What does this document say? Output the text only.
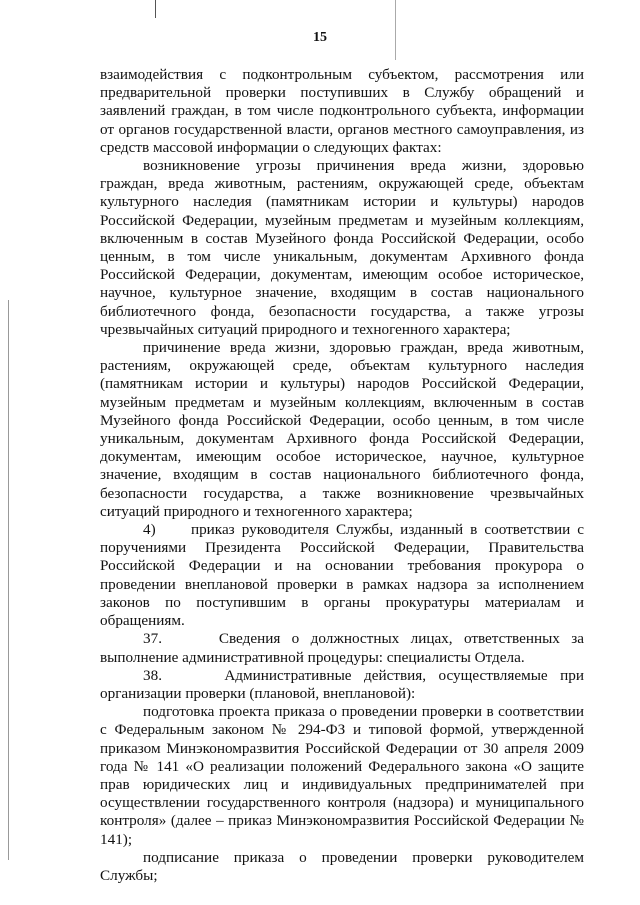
15

взаимодействия с подконтрольным субъектом, рассмотрения или предварительной проверки поступивших в Службу обращений и заявлений граждан, в том числе подконтрольного субъекта, информации от органов государственной власти, органов местного самоуправления, из средств массовой информации о следующих фактах:

возникновение угрозы причинения вреда жизни, здоровью граждан, вреда животным, растениям, окружающей среде, объектам культурного наследия (памятникам истории и культуры) народов Российской Федерации, музейным предметам и музейным коллекциям, включенным в состав Музейного фонда Российской Федерации, особо ценным, в том числе уникальным, документам Архивного фонда Российской Федерации, документам, имеющим особое историческое, научное, культурное значение, входящим в состав национального библиотечного фонда, безопасности государства, а также угрозы чрезвычайных ситуаций природного и техногенного характера;

причинение вреда жизни, здоровью граждан, вреда животным, растениям, окружающей среде, объектам культурного наследия (памятникам истории и культуры) народов Российской Федерации, музейным предметам и музейным коллекциям, включенным в состав Музейного фонда Российской Федерации, особо ценным, в том числе уникальным, документам Архивного фонда Российской Федерации, документам, имеющим особое историческое, научное, культурное значение, входящим в состав национального библиотечного фонда, безопасности государства, а также возникновение чрезвычайных ситуаций природного и техногенного характера;

4)     приказ руководителя Службы, изданный в соответствии с поручениями Президента Российской Федерации, Правительства Российской Федерации и на основании требования прокурора о проведении внеплановой проверки в рамках надзора за исполнением законов по поступившим в органы прокуратуры материалам и обращениям.

37.     Сведения о должностных лицах, ответственных за выполнение административной процедуры: специалисты Отдела.

38.     Административные действия, осуществляемые при организации проверки (плановой, внеплановой):

подготовка проекта приказа о проведении проверки в соответствии с Федеральным законом № 294-ФЗ и типовой формой, утвержденной приказом Минэкономразвития Российской Федерации от 30 апреля 2009 года № 141 «О реализации положений Федерального закона «О защите прав юридических лиц и индивидуальных предпринимателей при осуществлении государственного контроля (надзора) и муниципального контроля» (далее – приказ Минэкономразвития Российской Федерации № 141);

подписание приказа о проведении проверки руководителем Службы;
